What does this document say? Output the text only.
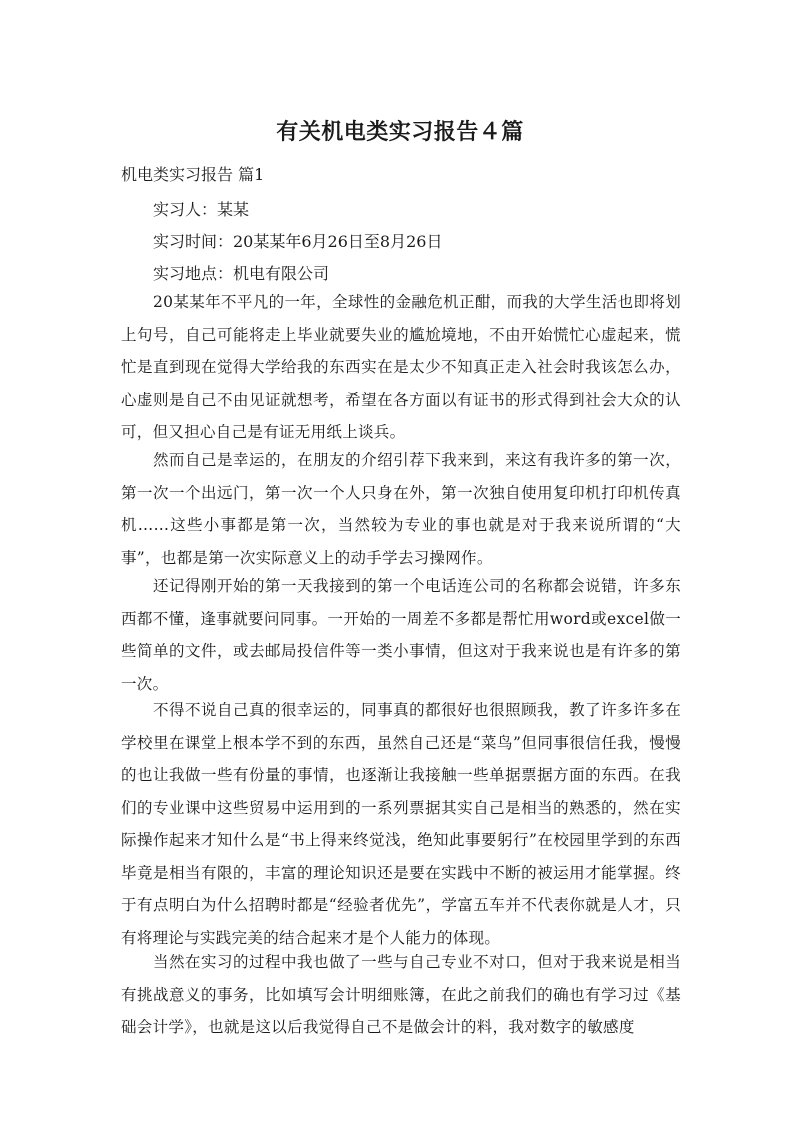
有关机电类实习报告４篇

机电类实习报告 篇1

实习人：某某

实习时间：20某某年6月26日至8月26日

实习地点：机电有限公司

20某某年不平凡的一年，全球性的金融危机正酣，而我的大学生活也即将划上句号，自己可能将走上毕业就要失业的尴尬境地，不由开始慌忙心虚起来，慌忙是直到现在觉得大学给我的东西实在是太少不知真正走入社会时我该怎么办，心虚则是自己不由见证就想考，希望在各方面以有证书的形式得到社会大众的认可，但又担心自己是有证无用纸上谈兵。

然而自己是幸运的，在朋友的介绍引荐下我来到，来这有我许多的第一次，第一次一个出远门，第一次一个人只身在外，第一次独自使用复印机打印机传真机……这些小事都是第一次，当然较为专业的事也就是对于我来说所谓的“大事”，也都是第一次实际意义上的动手学去习操网作。

还记得刚开始的第一天我接到的第一个电话连公司的名称都会说错，许多东西都不懂，逢事就要问同事。一开始的一周差不多都是帮忙用word或excel做一些简单的文件，或去邮局投信件等一类小事情，但这对于我来说也是有许多的第一次。

不得不说自己真的很幸运的，同事真的都很好也很照顾我，教了许多许多在学校里在课堂上根本学不到的东西，虽然自己还是“菜鸟”但同事很信任我，慢慢的也让我做一些有份量的事情，也逐渐让我接触一些单据票据方面的东西。在我们的专业课中这些贸易中运用到的一系列票据其实自己是相当的熟悉的，然在实际操作起来才知什么是“书上得来终觉浅，绝知此事要躬行”在校园里学到的东西毕竟是相当有限的，丰富的理论知识还是要在实践中不断的被运用才能掌握。终于有点明白为什么招聘时都是“经验者优先”，学富五车并不代表你就是人才，只有将理论与实践完美的结合起来才是个人能力的体现。

当然在实习的过程中我也做了一些与自己专业不对口，但对于我来说是相当有挑战意义的事务，比如填写会计明细账簿，在此之前我们的确也有学习过《基础会计学》，也就是这以后我觉得自己不是做会计的料，我对数字的敏感度
